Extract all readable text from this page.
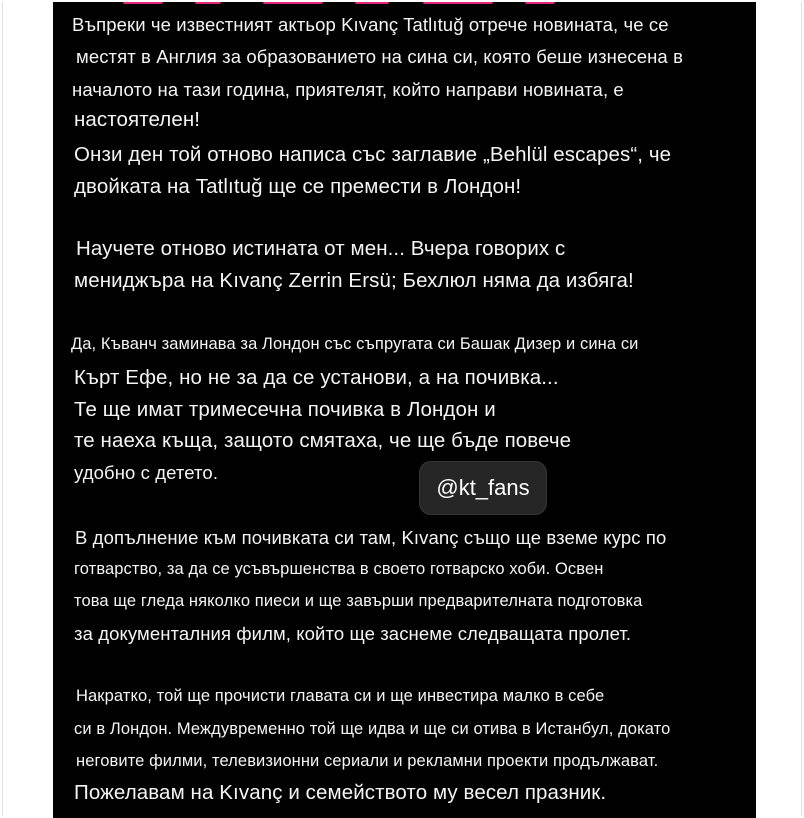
Въпреки че известният актьор Kıvanç Tatlıtuğ отрече новината, че се
местят в Англия за образованието на сина си, която беше изнесена в
началото на тази година, приятелят, който направи новината, е
настоятелен!
Онзи ден той отново написа със заглавие „Behlül escapes“, че
двойката на Tatlıtuğ ще се премести в Лондон!
Научете отново истината от мен... Вчера говорих с
мениджъра на Kıvanç Zerrin Ersü; Бехлюл няма да избяга!
Да, Къванч заминава за Лондон със съпругата си Башак Дизер и сина си
Кърт Ефе, но не за да се установи, а на почивка...
Те ще имат тримесечна почивка в Лондон и
те наеха къща, защото смятаха, че ще бъде повече
удобно с детето.
В допълнение към почивката си там, Kıvanç също ще вземе курс по
готварство, за да се усъвършенства в своето готварско хоби. Освен
това ще гледа няколко пиеси и ще завърши предварителната подготовка
за документалния филм, който ще заснеме следващата пролет.
Накратко, той ще прочисти главата си и ще инвестира малко в себе
си в Лондон. Междувременно той ще идва и ще си отива в Истанбул, докато
неговите филми, телевизионни сериали и рекламни проекти продължават.
Пожелавам на Kıvanç и семейството му весел празник.
@kt_fans
